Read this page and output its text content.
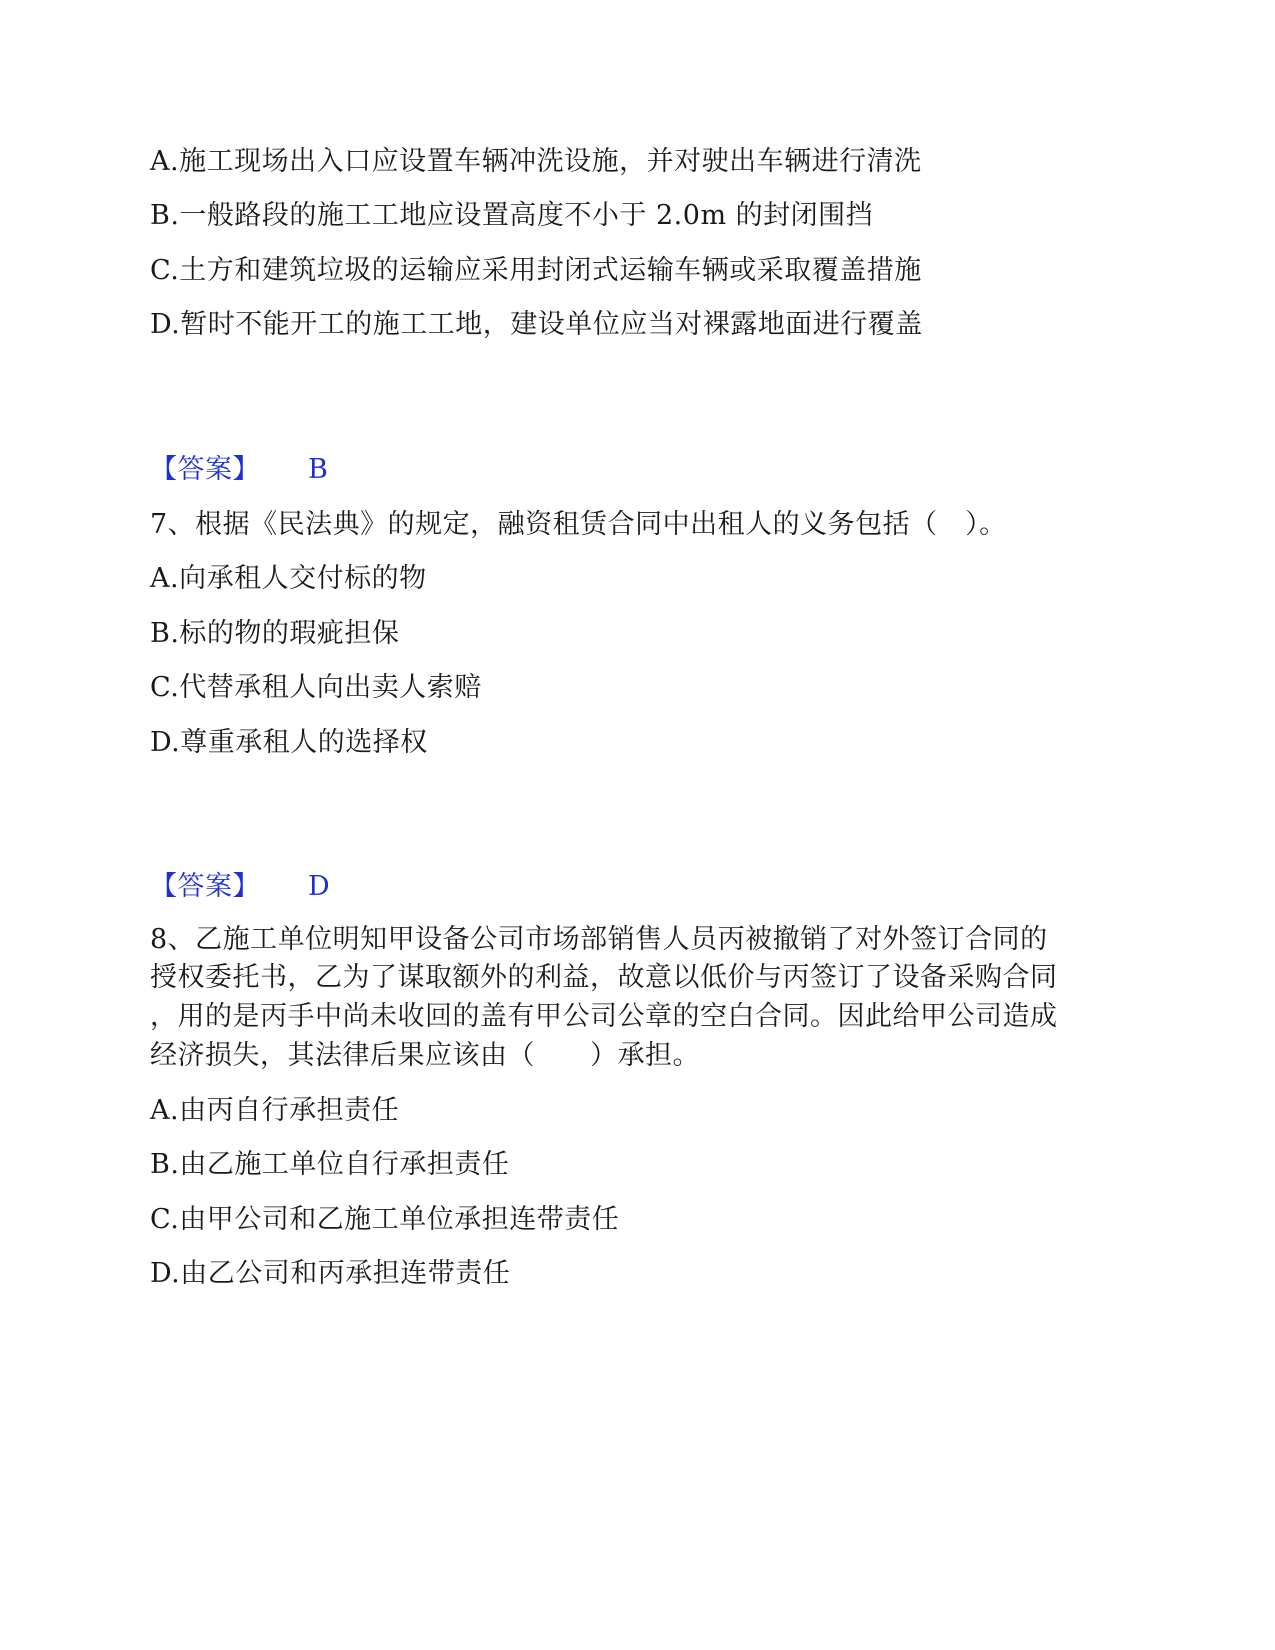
A.施工现场出入口应设置车辆冲洗设施，并对驶出车辆进行清洗
B.一般路段的施工工地应设置高度不小于 2.0m 的封闭围挡
C.土方和建筑垃圾的运输应采用封闭式运输车辆或采取覆盖措施
D.暂时不能开工的施工工地，建设单位应当对裸露地面进行覆盖
【答案】 B
7、根据《民法典》的规定，融资租赁合同中出租人的义务包括（　）。
A.向承租人交付标的物
B.标的物的瑕疵担保
C.代替承租人向出卖人索赔
D.尊重承租人的选择权
【答案】 D
8、乙施工单位明知甲设备公司市场部销售人员丙被撤销了对外签订合同的
授权委托书，乙为了谋取额外的利益，故意以低价与丙签订了设备采购合同
，用的是丙手中尚未收回的盖有甲公司公章的空白合同。因此给甲公司造成
经济损失，其法律后果应该由（　　）承担。
A.由丙自行承担责任
B.由乙施工单位自行承担责任
C.由甲公司和乙施工单位承担连带责任
D.由乙公司和丙承担连带责任
